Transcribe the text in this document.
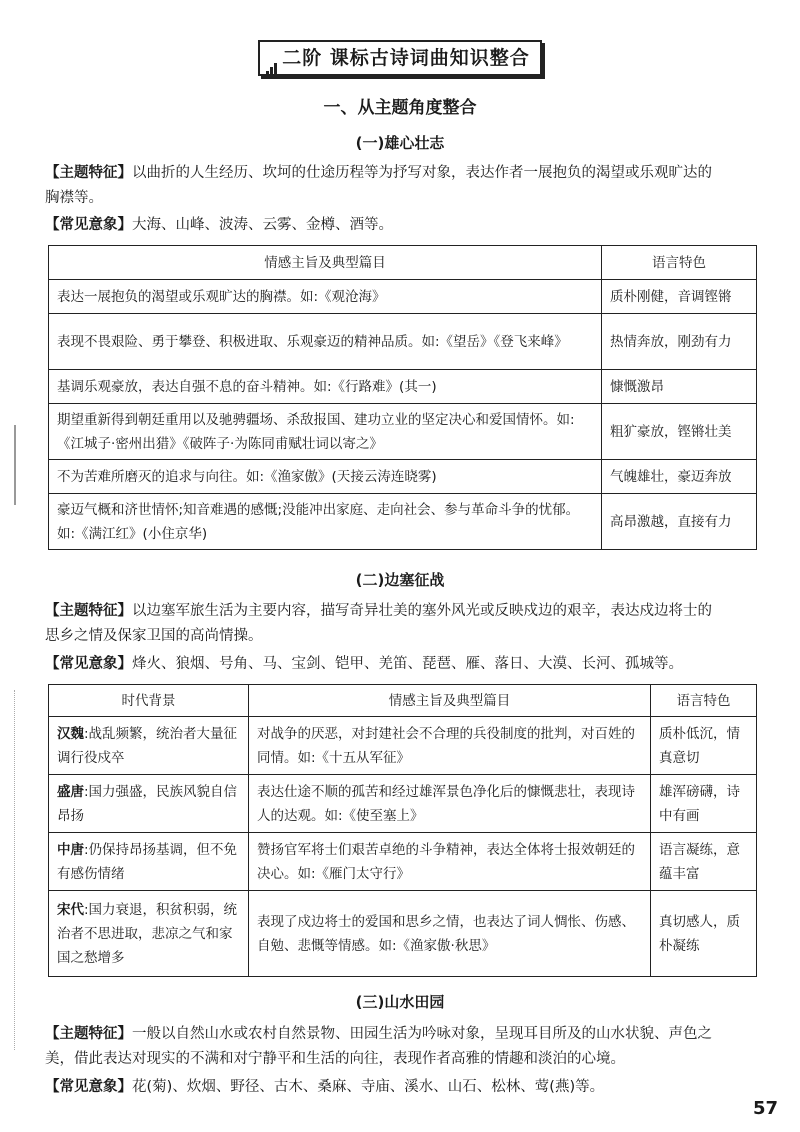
二阶 课标古诗词曲知识整合
一、从主题角度整合
(一)雄心壮志
【主题特征】以曲折的人生经历、坎坷的仕途历程等为抒写对象，表达作者一展抱负的渴望或乐观旷达的
胸襟等。
【常见意象】大海、山峰、波涛、云雾、金樽、酒等。
情感主旨及典型篇目	语言特色
表达一展抱负的渴望或乐观旷达的胸襟。如:《观沧海》	质朴刚健，音调铿锵
表现不畏艰险、勇于攀登、积极进取、乐观豪迈的精神品质。如:《望岳》《登飞来峰》	热情奔放，刚劲有力
基调乐观豪放，表达自强不息的奋斗精神。如:《行路难》(其一)	慷慨激昂
期望重新得到朝廷重用以及驰骋疆场、杀敌报国、建功立业的坚定决心和爱国情怀。如:《江城子·密州出猎》《破阵子·为陈同甫赋壮词以寄之》	粗犷豪放，铿锵壮美
不为苦难所磨灭的追求与向往。如:《渔家傲》(天接云涛连晓雾)	气魄雄壮，豪迈奔放
豪迈气概和济世情怀;知音难遇的感慨;没能冲出家庭、走向社会、参与革命斗争的忧郁。如:《满江红》(小住京华)	高昂激越，直接有力
(二)边塞征战
【主题特征】以边塞军旅生活为主要内容，描写奇异壮美的塞外风光或反映戍边的艰辛，表达戍边将士的
思乡之情及保家卫国的高尚情操。
【常见意象】烽火、狼烟、号角、马、宝剑、铠甲、羌笛、琵琶、雁、落日、大漠、长河、孤城等。
时代背景	情感主旨及典型篇目	语言特色
汉魏:战乱频繁，统治者大量征调行役戍卒	对战争的厌恶，对封建社会不合理的兵役制度的批判，对百姓的同情。如:《十五从军征》	质朴低沉，情真意切
盛唐:国力强盛，民族风貌自信昂扬	表达仕途不顺的孤苦和经过雄浑景色净化后的慷慨悲壮，表现诗人的达观。如:《使至塞上》	雄浑磅礴，诗中有画
中唐:仍保持昂扬基调，但不免有感伤情绪	赞扬官军将士们艰苦卓绝的斗争精神，表达全体将士报效朝廷的决心。如:《雁门太守行》	语言凝练，意蕴丰富
宋代:国力衰退，积贫积弱，统治者不思进取，悲凉之气和家国之愁增多	表现了戍边将士的爱国和思乡之情，也表达了词人惆怅、伤感、自勉、悲慨等情感。如:《渔家傲·秋思》	真切感人，质朴凝练
(三)山水田园
【主题特征】一般以自然山水或农村自然景物、田园生活为吟咏对象，呈现耳目所及的山水状貌、声色之
美，借此表达对现实的不满和对宁静平和生活的向往，表现作者高雅的情趣和淡泊的心境。
【常见意象】花(菊)、炊烟、野径、古木、桑麻、寺庙、溪水、山石、松林、莺(燕)等。
57
